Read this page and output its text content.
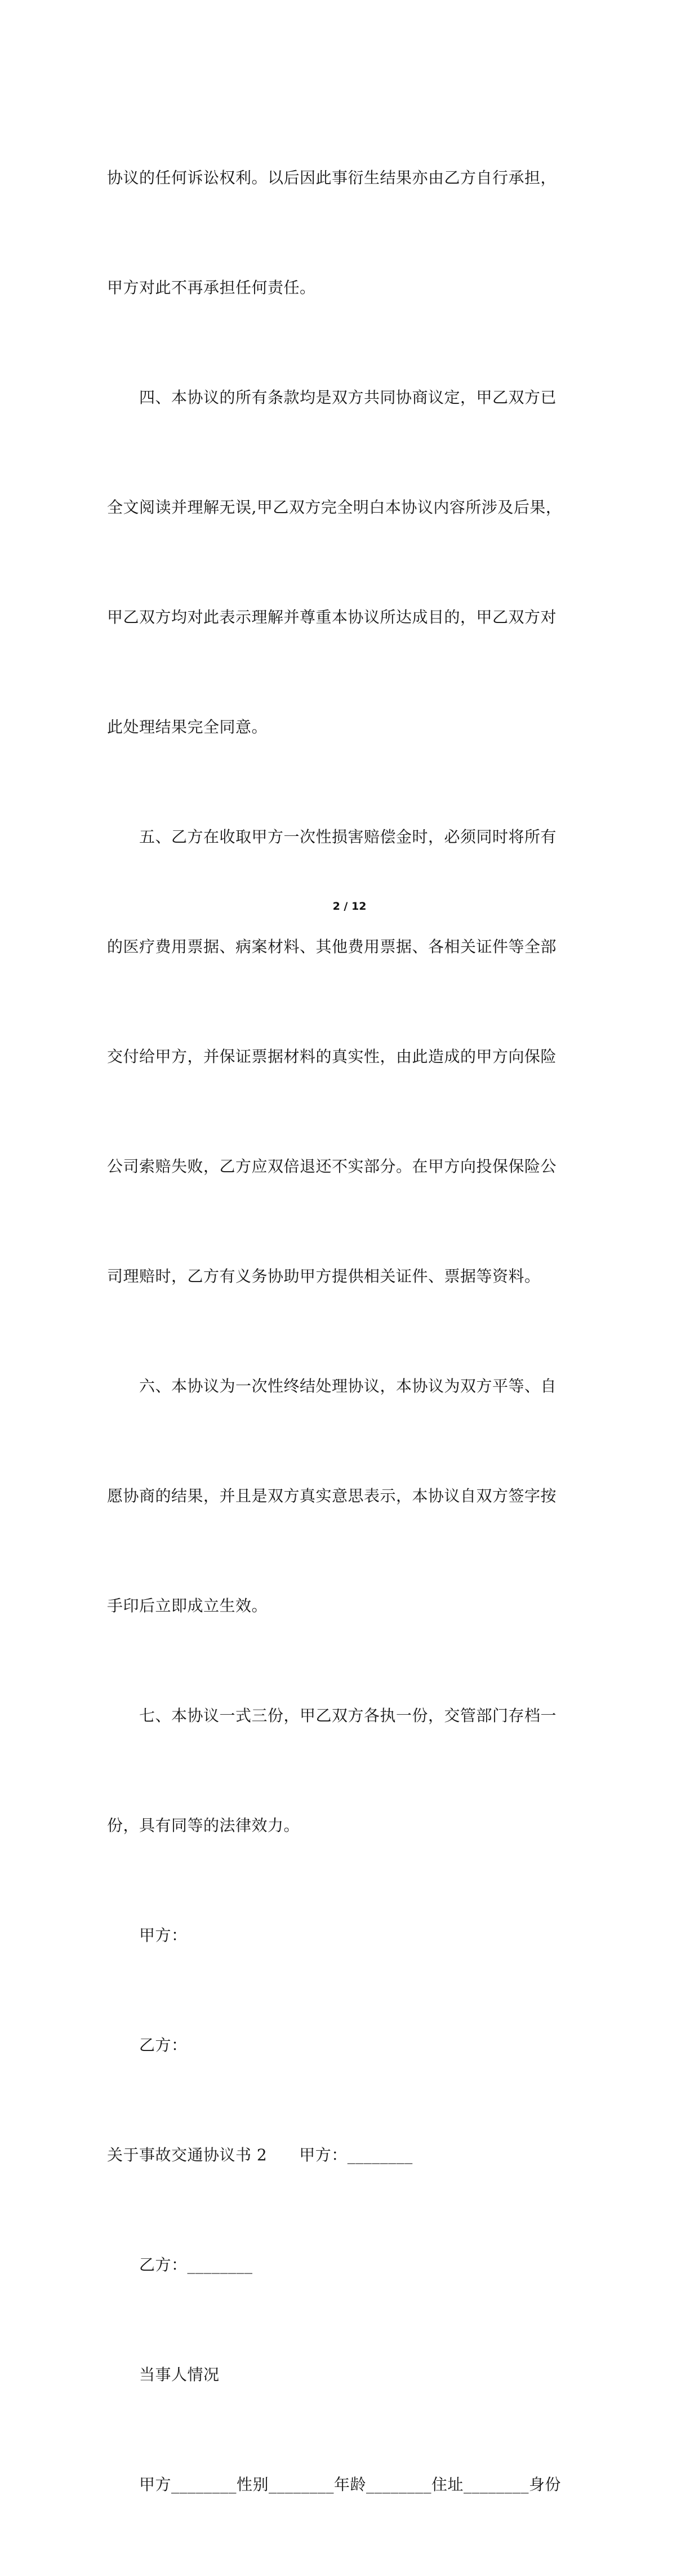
协议的任何诉讼权利。以后因此事衍生结果亦由乙方自行承担，

甲方对此不再承担任何责任。

四、本协议的所有条款均是双方共同协商议定，甲乙双方已

全文阅读并理解无误,甲乙双方完全明白本协议内容所涉及后果，

甲乙双方均对此表示理解并尊重本协议所达成目的，甲乙双方对

此处理结果完全同意。

五、乙方在收取甲方一次性损害赔偿金时，必须同时将所有

的医疗费用票据、病案材料、其他费用票据、各相关证件等全部

交付给甲方，并保证票据材料的真实性，由此造成的甲方向保险

公司索赔失败，乙方应双倍退还不实部分。在甲方向投保保险公

司理赔时，乙方有义务协助甲方提供相关证件、票据等资料。

六、本协议为一次性终结处理协议，本协议为双方平等、自

愿协商的结果，并且是双方真实意思表示，本协议自双方签字按

手印后立即成立生效。

七、本协议一式三份，甲乙双方各执一份，交管部门存档一

份，具有同等的法律效力。

甲方：

乙方：

关于事故交通协议书 2　　甲方：________

乙方：________

当事人情况

甲方________性别________年龄________住址________身份

2 / 12
